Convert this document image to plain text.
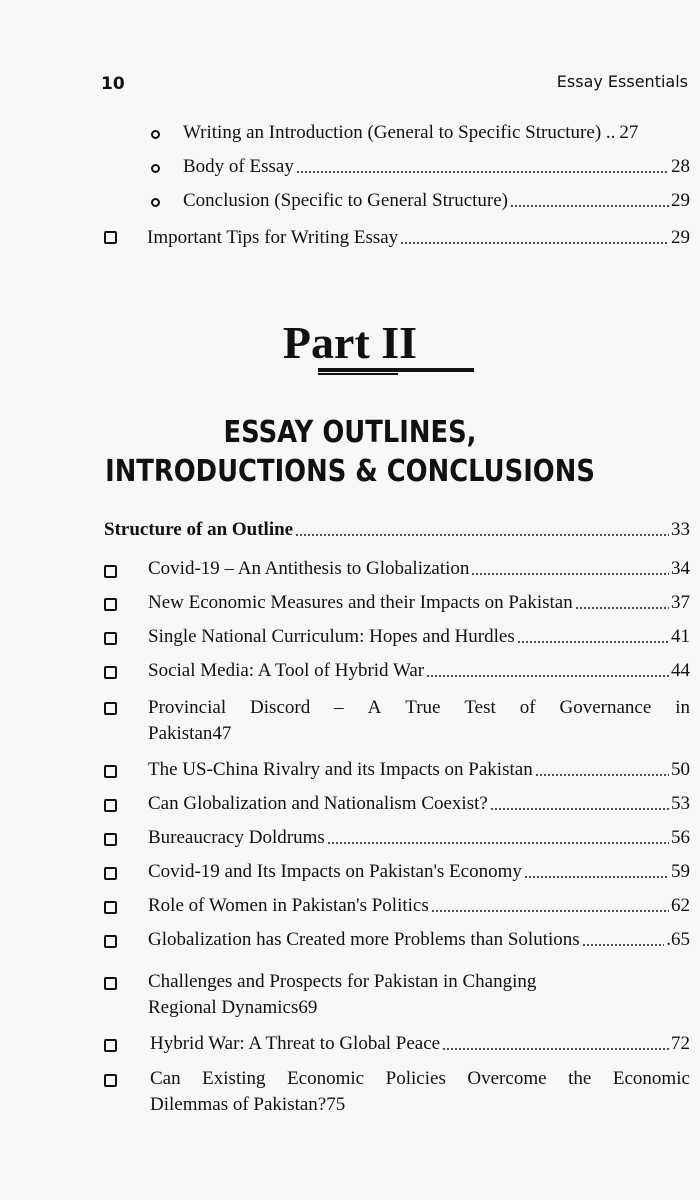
10	Essay Essentials
Writing an Introduction (General to Specific Structure) .. 27
Body of Essay	28
Conclusion (Specific to General Structure)	29
Important Tips for Writing Essay	29
Part II
ESSAY OUTLINES,
INTRODUCTIONS & CONCLUSIONS
Structure of an Outline	33
Covid-19 – An Antithesis to Globalization	34
New Economic Measures and their Impacts on Pakistan	37
Single National Curriculum: Hopes and Hurdles	41
Social Media: A Tool of Hybrid War	44
Provincial Discord – A True Test of Governance in
Pakistan 47
The US-China Rivalry and its Impacts on Pakistan	50
Can Globalization and Nationalism Coexist?	53
Bureaucracy Doldrums	56
Covid-19 and Its Impacts on Pakistan's Economy	59
Role of Women in Pakistan's Politics	62
Globalization has Created more Problems than Solutions	.65
Challenges and Prospects for Pakistan in Changing
Regional Dynamics 69
Hybrid War: A Threat to Global Peace	72
Can Existing Economic Policies Overcome the Economic
Dilemmas of Pakistan? 75
